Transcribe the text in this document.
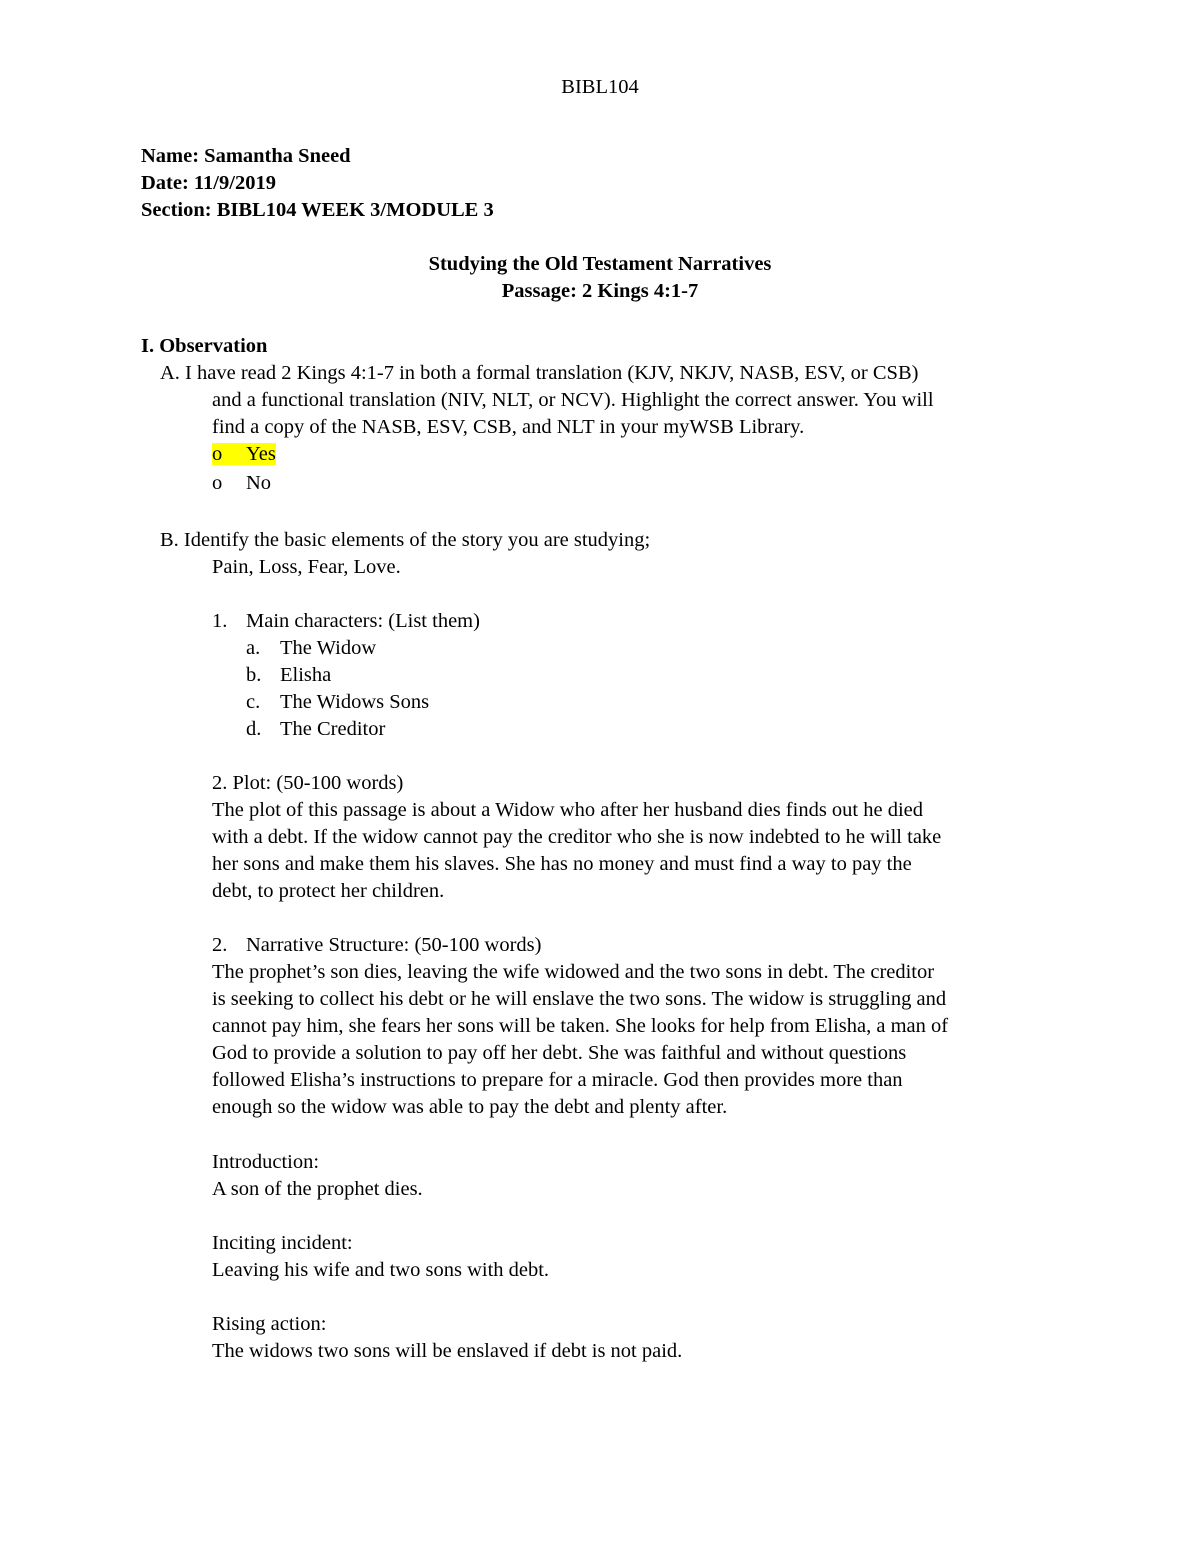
BIBL104
Name: Samantha Sneed
Date: 11/9/2019
Section: BIBL104 WEEK 3/MODULE 3
Studying the Old Testament Narratives
Passage: 2 Kings 4:1-7
I. Observation
A. I have read 2 Kings 4:1-7 in both a formal translation (KJV, NKJV, NASB, ESV, or CSB)
and a functional translation (NIV, NLT, or NCV). Highlight the correct answer. You will
find a copy of the NASB, ESV, CSB, and NLT in your myWSB Library.
o Yes
o No
B. Identify the basic elements of the story you are studying;
Pain, Loss, Fear, Love.
1. Main characters: (List them)
a. The Widow
b. Elisha
c. The Widows Sons
d. The Creditor
2. Plot: (50-100 words)
The plot of this passage is about a Widow who after her husband dies finds out he died
with a debt. If the widow cannot pay the creditor who she is now indebted to he will take
her sons and make them his slaves. She has no money and must find a way to pay the
debt, to protect her children.
2. Narrative Structure: (50-100 words)
The prophet’s son dies, leaving the wife widowed and the two sons in debt. The creditor
is seeking to collect his debt or he will enslave the two sons. The widow is struggling and
cannot pay him, she fears her sons will be taken. She looks for help from Elisha, a man of
God to provide a solution to pay off her debt. She was faithful and without questions
followed Elisha’s instructions to prepare for a miracle. God then provides more than
enough so the widow was able to pay the debt and plenty after.
Introduction:
A son of the prophet dies.
Inciting incident:
Leaving his wife and two sons with debt.
Rising action:
The widows two sons will be enslaved if debt is not paid.
